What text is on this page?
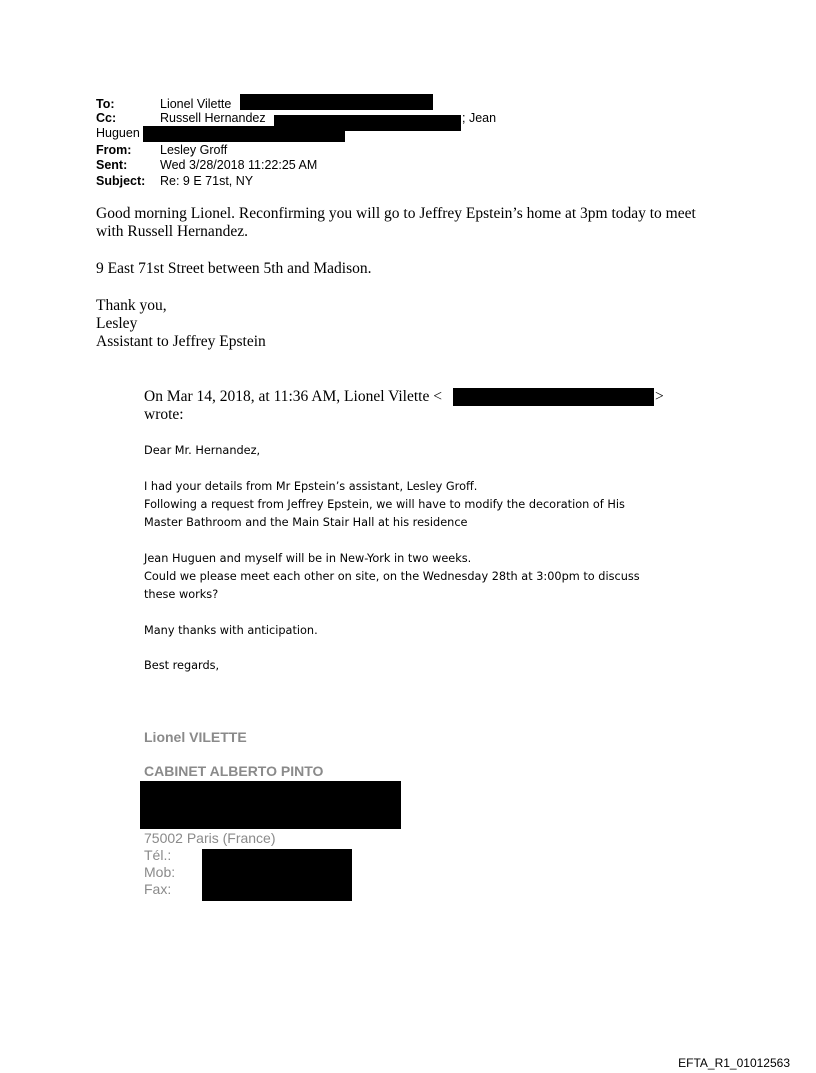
To:	Lionel Vilette
Cc:	Russell Hernandez	; Jean
Huguen
From: Lesley Groff
Sent:	Wed 3/28/2018 11:22:25 AM
Subject: Re: 9 E 71st, NY
Good morning Lionel. Reconfirming you will go to Jeffrey Epstein’s home at 3pm today to meet
with Russell Hernandez.
9 East 71st Street between 5th and Madison.
Thank you,
Lesley
Assistant to Jeffrey Epstein
On Mar 14, 2018, at 11:36 AM, Lionel Vilette <	>
wrote:
Dear Mr. Hernandez,
I had your details from Mr Epstein’s assistant, Lesley Groff.
Following a request from Jeffrey Epstein, we will have to modify the decoration of His
Master Bathroom and the Main Stair Hall at his residence
Jean Huguen and myself will be in New-York in two weeks.
Could we please meet each other on site, on the Wednesday 28th at 3:00pm to discuss
these works?
Many thanks with anticipation.
Best regards,
Lionel VILETTE
CABINET ALBERTO PINTO
75002 Paris (France)
Tél.:
Mob:
Fax:
EFTA_R1_01012563
